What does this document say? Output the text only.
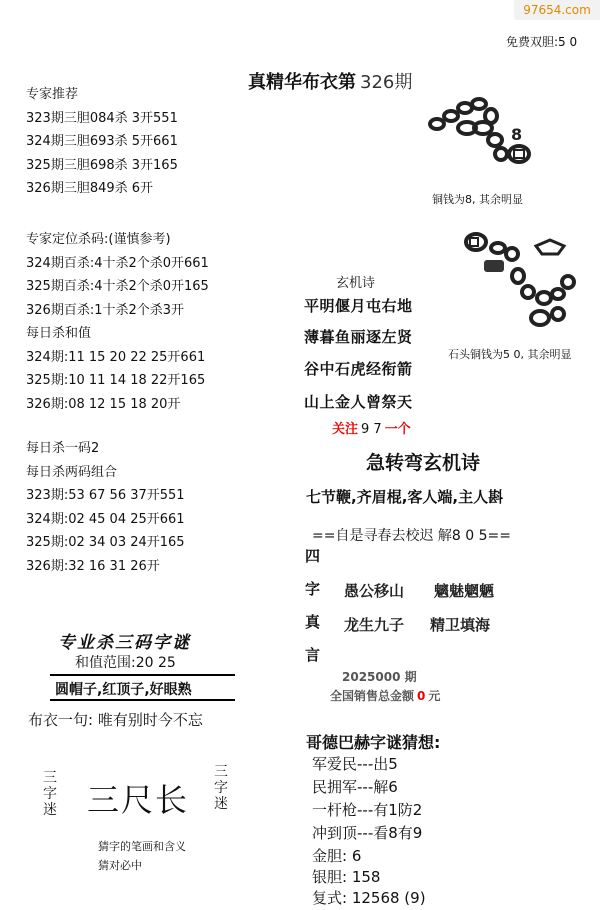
97654.com
免费双胆:5 0
真精华布衣第 326期
专家推荐
323期三胆084杀 3开551
324期三胆693杀 5开661
325期三胆698杀 3开165
326期三胆849杀 6开
专家定位杀码:(谨慎参考)
324期百杀:4十杀2个杀0开661
325期百杀:4十杀2个杀0开165
326期百杀:1十杀2个杀3开
每日杀和值
324期:11 15 20 22 25开661
325期:10 11 14 18 22开165
326期:08 12 15 18 20开
每日杀一码2
每日杀两码组合
323期:53 67 56 37开551
324期:02 45 04 25开661
325期:02 34 03 24开165
326期:32 16 31 26开
专业杀三码字谜
和值范围:20 25
圆帽子,红顶子,好眼熟
布衣一句: 唯有别时今不忘
三字迷 三尺长
三字迷
猜字的笔画和含义
猜对必中
8
铜钱为8, 其余明显
石头铜钱为5 0, 其余明显
玄机诗
平明偃月屯右地
薄暮鱼丽逐左贤
谷中石虎经衔箭
山上金人曾祭天
关注 9 7 一个
急转弯玄机诗
七节鞭,齐眉棍,客人端,主人斟
==自是寻春去校迟 解8 0 5==
四
字
真
言
愚公移山 魑魅魍魉
龙生九子 精卫填海
2025000 期
全国销售总金额 0 元
哥德巴赫字谜猜想:
军爱民---出5
民拥军---解6
一杆枪---有1防2
冲到顶---看8有9
金胆: 6
银胆: 158
复式: 12568 (9)
